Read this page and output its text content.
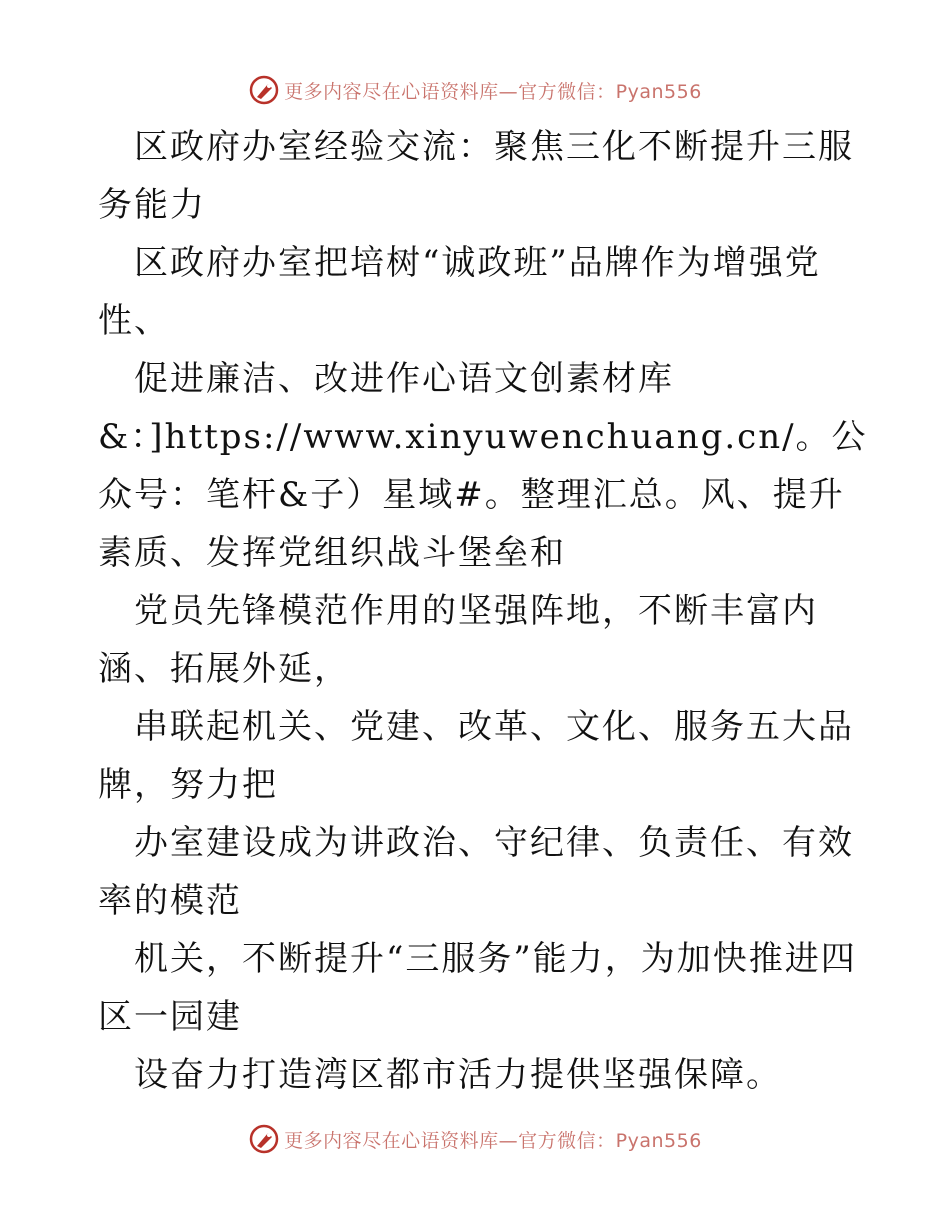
更多内容尽在心语资料库—官方微信：Pyan556

区政府办室经验交流：聚焦三化不断提升三服务能力

区政府办室把培树“诚政班”品牌作为增强党性、

促进廉洁、改进作心语文创素材库

&：]https://www.xinyuwenchuang.cn/。公众号：笔杆&子）星域#。整理汇总。风、提升素质、发挥党组织战斗堡垒和

党员先锋模范作用的坚强阵地，不断丰富内涵、拓展外延，

串联起机关、党建、改革、文化、服务五大品牌，努力把

办室建设成为讲政治、守纪律、负责任、有效率的模范

机关，不断提升“三服务”能力，为加快推进四区一园建

设奋力打造湾区都市活力提供坚强保障。

更多内容尽在心语资料库—官方微信：Pyan556
